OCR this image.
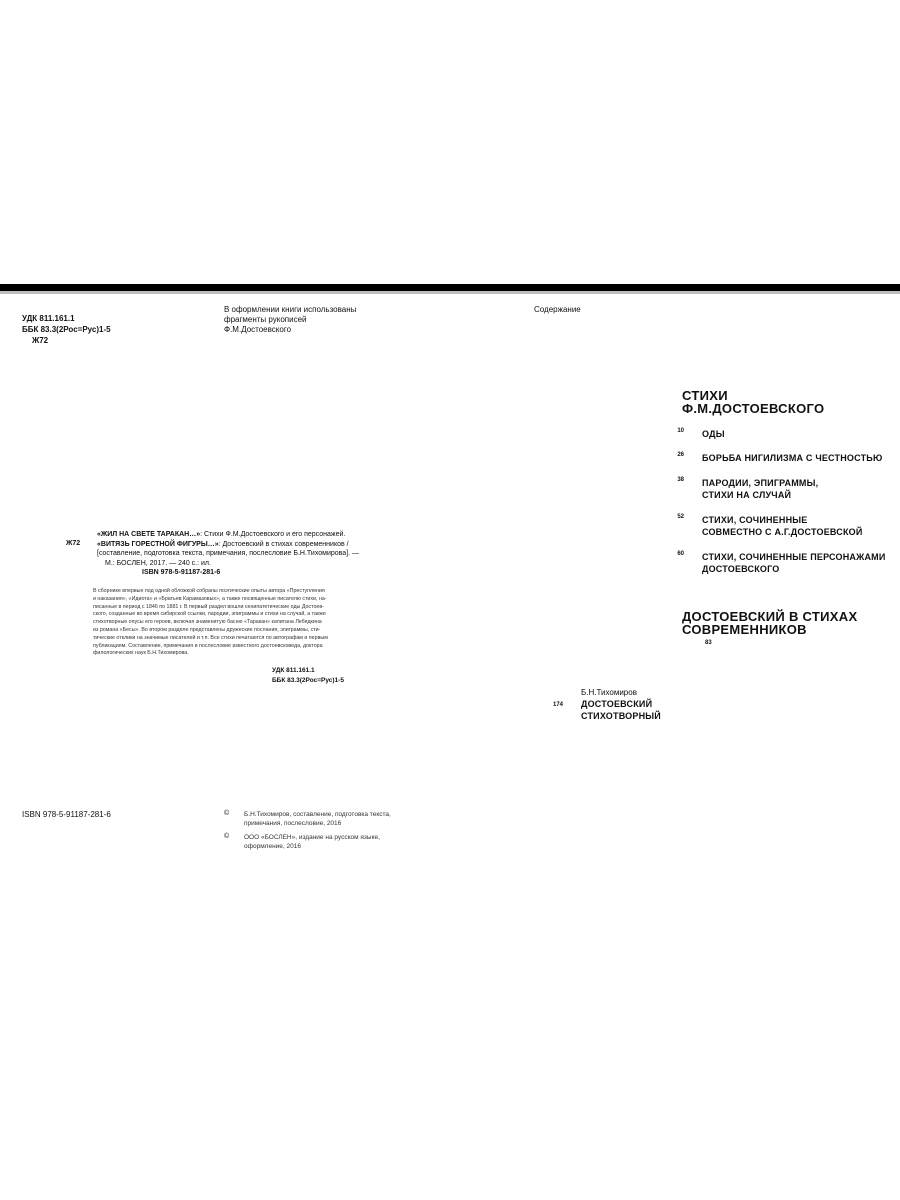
УДК 811.161.1
ББК 83.3(2Рос=Рус)1-5
Ж72
В оформлении книги использованы
фрагменты рукописей
Ф.М.Достоевского
Ж72
«ЖИЛ НА СВЕТЕ ТАРАКАН…»: Стихи Ф.М.Достоевского и его персонажей.
«ВИТЯЗЬ ГОРЕСТНОЙ ФИГУРЫ…»: Достоевский в стихах современников /
[составление, подготовка текста, примечания, послесловие Б.Н.Тихомирова]. —
М.: БОСЛЕН, 2017. — 240 с.: ил.
ISBN 978-5-91187-281-6
В сборнике впервые под одной обложкой собраны поэтические опыты автора «Преступления
и наказания», «Идиота» и «Братьев Карамазовых», а также посвященные писателю стихи, на-
писанные в период с 1846 по 1881 г. В первый раздел вошли сенипатетические оды Достоев-
ского, созданные во время сибирской ссылки, пародии, эпиграммы и стихи на случай, а также
стихотворные опусы его героев, включая знаменитую басню «Таракан» капитана Лебядкина
из романа «Бесы». Во втором разделе представлены дружеские послания, эпиграммы, сти-
тические отклики на значимые писателей и т.п. Все стихи печатаются по автографам и первым
публикациям. Составление, примечания и послесловие известного достоевсковеда, доктора
филологических наук Б.Н.Тихомирова.
УДК 811.161.1
ББК 83.3(2Рос=Рус)1-5
ISBN 978-5-91187-281-6	©	Б.Н.Тихомиров, составление, подготовка текста,
примечания, послесловие, 2016
©	ООО «БОСЛЕН», издание на русском языке,
оформление, 2016
Содержание
СТИХИ
Ф.М.ДОСТОЕВСКОГО
10 ОДЫ
26 БОРЬБА НИГИЛИЗМА С ЧЕСТНОСТЬЮ
38 ПАРОДИИ, ЭПИГРАММЫ,
СТИХИ НА СЛУЧАЙ
52 СТИХИ, СОЧИНЕННЫЕ
СОВМЕСТНО С А.Г.ДОСТОЕВСКОЙ
60 СТИХИ, СОЧИНЕННЫЕ ПЕРСОНАЖАМИ
ДОСТОЕВСКОГО
ДОСТОЕВСКИЙ В СТИХАХ
СОВРЕМЕННИКОВ
83
Б.Н.Тихомиров
174 ДОСТОЕВСКИЙ
СТИХОТВОРНЫЙ
